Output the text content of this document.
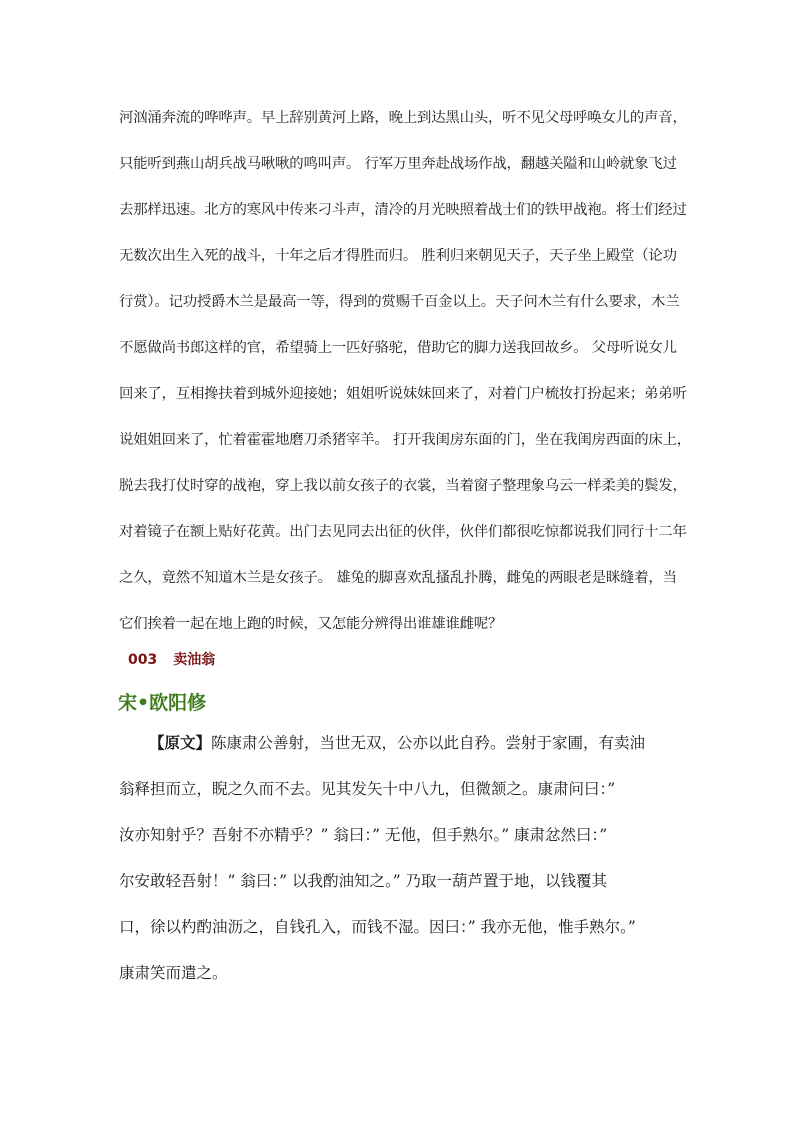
河汹涌奔流的哗哗声。早上辞别黄河上路，晚上到达黑山头，听不见父母呼唤女儿的声音，
只能听到燕山胡兵战马啾啾的鸣叫声。 行军万里奔赴战场作战，翻越关隘和山岭就象飞过
去那样迅速。北方的寒风中传来刁斗声，清冷的月光映照着战士们的铁甲战袍。将士们经过
无数次出生入死的战斗，十年之后才得胜而归。 胜利归来朝见天子，天子坐上殿堂（论功
行赏）。记功授爵木兰是最高一等，得到的赏赐千百金以上。天子问木兰有什么要求，木兰
不愿做尚书郎这样的官，希望骑上一匹好骆驼，借助它的脚力送我回故乡。 父母听说女儿
回来了，互相搀扶着到城外迎接她；姐姐听说妹妹回来了，对着门户梳妆打扮起来；弟弟听
说姐姐回来了，忙着霍霍地磨刀杀猪宰羊。 打开我闺房东面的门，坐在我闺房西面的床上，
脱去我打仗时穿的战袍，穿上我以前女孩子的衣裳，当着窗子整理象乌云一样柔美的鬓发，
对着镜子在额上贴好花黄。出门去见同去出征的伙伴，伙伴们都很吃惊都说我们同行十二年
之久，竟然不知道木兰是女孩子。 雄兔的脚喜欢乱搔乱扑腾，雌兔的两眼老是眯缝着，当
它们挨着一起在地上跑的时候，又怎能分辨得出谁雄谁雌呢？
003 卖油翁
宋•欧阳修
【原文】陈康肃公善射，当世无双，公亦以此自矜。尝射于家圃，有卖油
翁释担而立，睨之久而不去。见其发矢十中八九，但微颔之。康肃问曰：”
汝亦知射乎？吾射不亦精乎？” 翁曰：” 无他，但手熟尔。” 康肃忿然曰：”
尔安敢轻吾射！” 翁曰：” 以我酌油知之。” 乃取一葫芦置于地，以钱覆其
口，徐以杓酌油沥之，自钱孔入，而钱不湿。因曰：” 我亦无他，惟手熟尔。”
康肃笑而遣之。
